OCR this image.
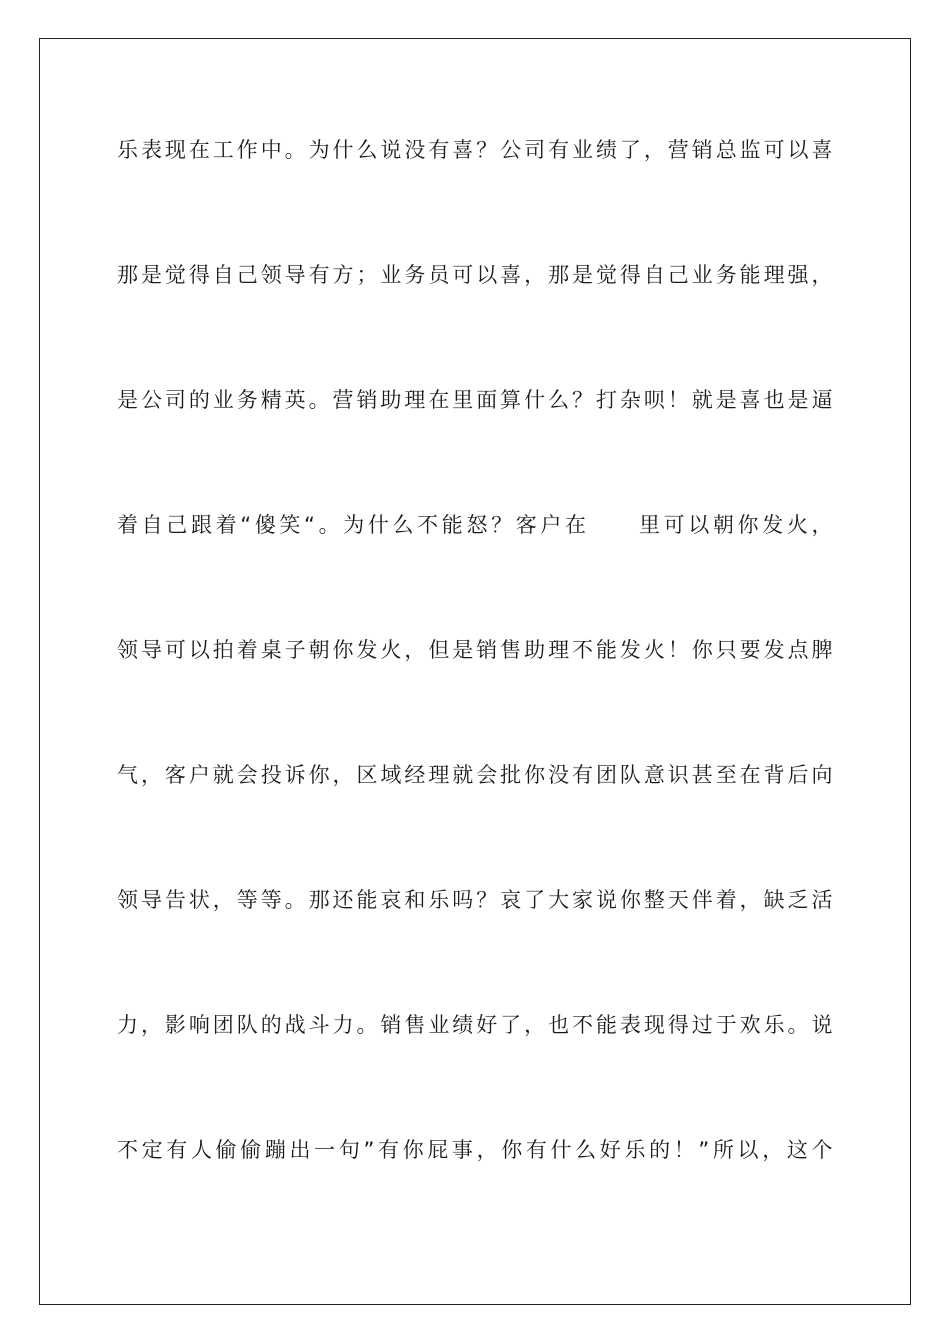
乐表现在工作中。为什么说没有喜？公司有业绩了，营销总监可以喜
那是觉得自己领导有方；业务员可以喜，那是觉得自己业务能理强，
是公司的业务精英。营销助理在里面算什么？打杂呗！就是喜也是逼
着自己跟着“傻笑“。为什么不能怒？客户在　　里可以朝你发火，
领导可以拍着桌子朝你发火，但是销售助理不能发火！你只要发点脾
气，客户就会投诉你，区域经理就会批你没有团队意识甚至在背后向
领导告状，等等。那还能哀和乐吗？哀了大家说你整天伴着，缺乏活
力，影响团队的战斗力。销售业绩好了，也不能表现得过于欢乐。说
不定有人偷偷蹦出一句”有你屁事，你有什么好乐的！”所以，这个
